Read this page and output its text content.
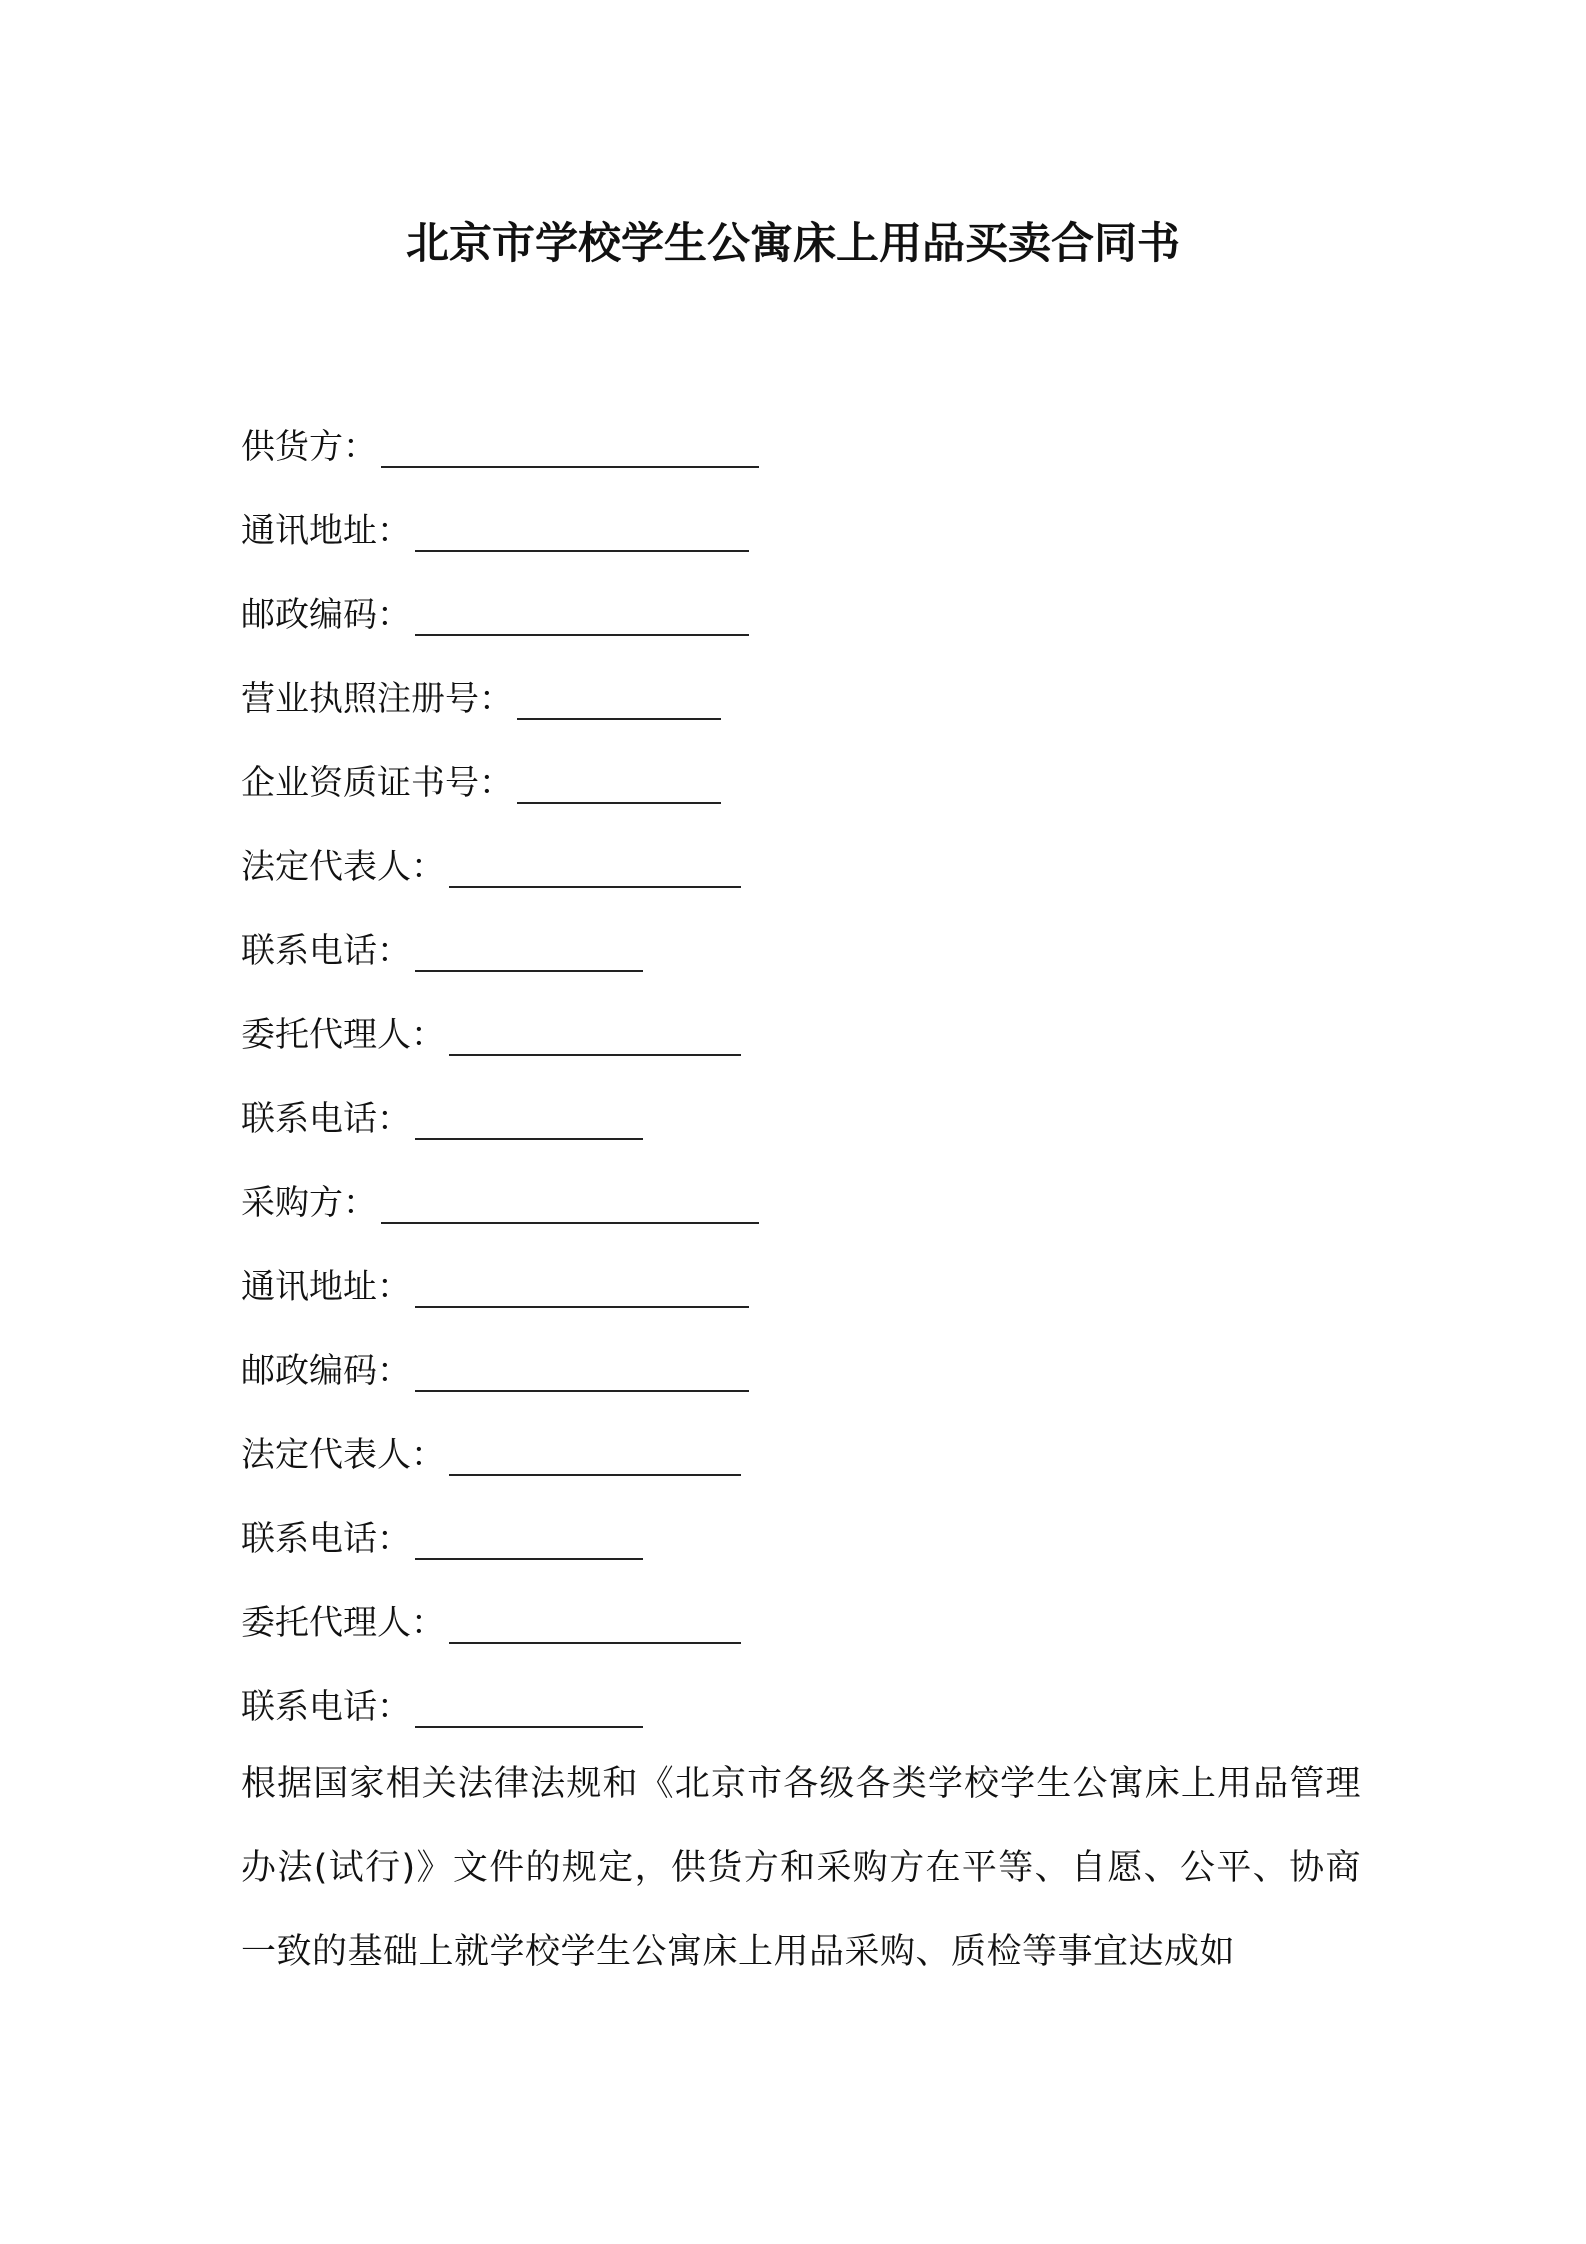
北京市学校学生公寓床上用品买卖合同书
供货方：
通讯地址：
邮政编码：
营业执照注册号：
企业资质证书号：
法定代表人：
联系电话：
委托代理人：
联系电话：
采购方：
通讯地址：
邮政编码：
法定代表人：
联系电话：
委托代理人：
联系电话：

根据国家相关法律法规和《北京市各级各类学校学生公寓床上用品管理办法(试行)》文件的规定，供货方和采购方在平等、自愿、公平、协商一致的基础上就学校学生公寓床上用品采购、质检等事宜达成如
